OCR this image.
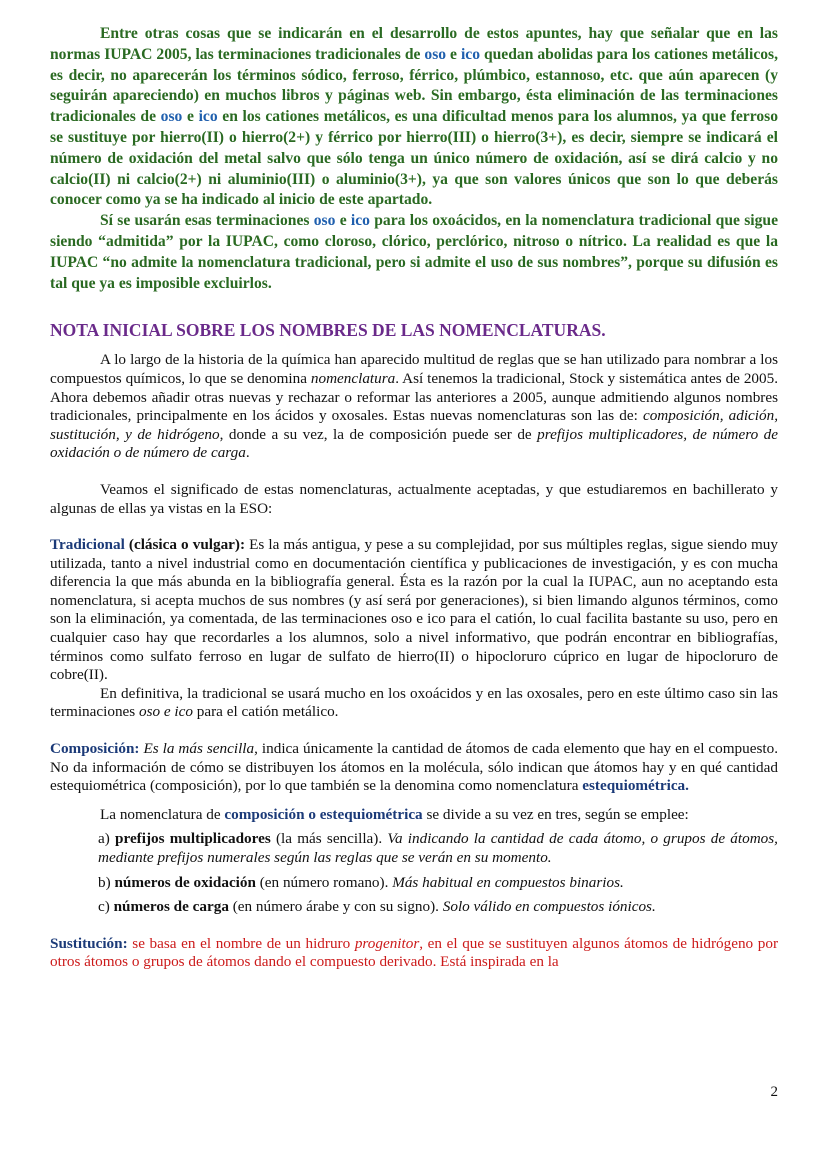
Entre otras cosas que se indicarán en el desarrollo de estos apuntes, hay que señalar que en las normas IUPAC 2005, las terminaciones tradicionales de oso e ico quedan abolidas para los cationes metálicos, es decir, no aparecerán los términos sódico, ferroso, férrico, plúmbico, estannoso, etc. que aún aparecen (y seguirán apareciendo) en muchos libros y páginas web. Sin embargo, ésta eliminación de las terminaciones tradicionales de oso e ico en los cationes metálicos, es una dificultad menos para los alumnos, ya que ferroso se sustituye por hierro(II) o hierro(2+) y férrico por hierro(III) o hierro(3+), es decir, siempre se indicará el número de oxidación del metal salvo que sólo tenga un único número de oxidación, así se dirá calcio y no calcio(II) ni calcio(2+) ni aluminio(III) o aluminio(3+), ya que son valores únicos que son lo que deberás conocer como ya se ha indicado al inicio de este apartado.

Sí se usarán esas terminaciones oso e ico para los oxoácidos, en la nomenclatura tradicional que sigue siendo “admitida” por la IUPAC, como cloroso, clórico, perclórico, nitroso o nítrico. La realidad es que la IUPAC “no admite la nomenclatura tradicional, pero si admite el uso de sus nombres”, porque su difusión es tal que ya es imposible excluirlos.

NOTA INICIAL SOBRE LOS NOMBRES DE LAS NOMENCLATURAS.

A lo largo de la historia de la química han aparecido multitud de reglas que se han utilizado para nombrar a los compuestos químicos, lo que se denomina nomenclatura. Así tenemos la tradicional, Stock y sistemática antes de 2005. Ahora debemos añadir otras nuevas y rechazar o reformar las anteriores a 2005, aunque admitiendo algunos nombres tradicionales, principalmente en los ácidos y oxosales. Estas nuevas nomenclaturas son las de: composición, adición, sustitución, y de hidrógeno, donde a su vez, la de composición puede ser de prefijos multiplicadores, de número de oxidación o de número de carga.

Veamos el significado de estas nomenclaturas, actualmente aceptadas, y que estudiaremos en bachillerato y algunas de ellas ya vistas en la ESO:

Tradicional (clásica o vulgar): Es la más antigua, y pese a su complejidad, por sus múltiples reglas, sigue siendo muy utilizada, tanto a nivel industrial como en documentación científica y publicaciones de investigación, y es con mucha diferencia la que más abunda en la bibliografía general. Ésta es la razón por la cual la IUPAC, aun no aceptando esta nomenclatura, si acepta muchos de sus nombres (y así será por generaciones), si bien limando algunos términos, como son la eliminación, ya comentada, de las terminaciones oso e ico para el catión, lo cual facilita bastante su uso, pero en cualquier caso hay que recordarles a los alumnos, solo a nivel informativo, que podrán encontrar en bibliografías, términos como sulfato ferroso en lugar de sulfato de hierro(II) o hipocloruro cúprico en lugar de hipocloruro de cobre(II).

En definitiva, la tradicional se usará mucho en los oxoácidos y en las oxosales, pero en este último caso sin las terminaciones oso e ico para el catión metálico.

Composición: Es la más sencilla, indica únicamente la cantidad de átomos de cada elemento que hay en el compuesto. No da información de cómo se distribuyen los átomos en la molécula, sólo indican que átomos hay y en qué cantidad estequiométrica (composición), por lo que también se la denomina como nomenclatura estequiométrica.

La nomenclatura de composición o estequiométrica se divide a su vez en tres, según se emplee:

a) prefijos multiplicadores (la más sencilla). Va indicando la cantidad de cada átomo, o grupos de átomos, mediante prefijos numerales según las reglas que se verán en su momento.

b) números de oxidación (en número romano). Más habitual en compuestos binarios.

c) números de carga (en número árabe y con su signo). Solo válido en compuestos iónicos.

Sustitución: se basa en el nombre de un hidruro progenitor, en el que se sustituyen algunos átomos de hidrógeno por otros átomos o grupos de átomos dando el compuesto derivado. Está inspirada en la

2
